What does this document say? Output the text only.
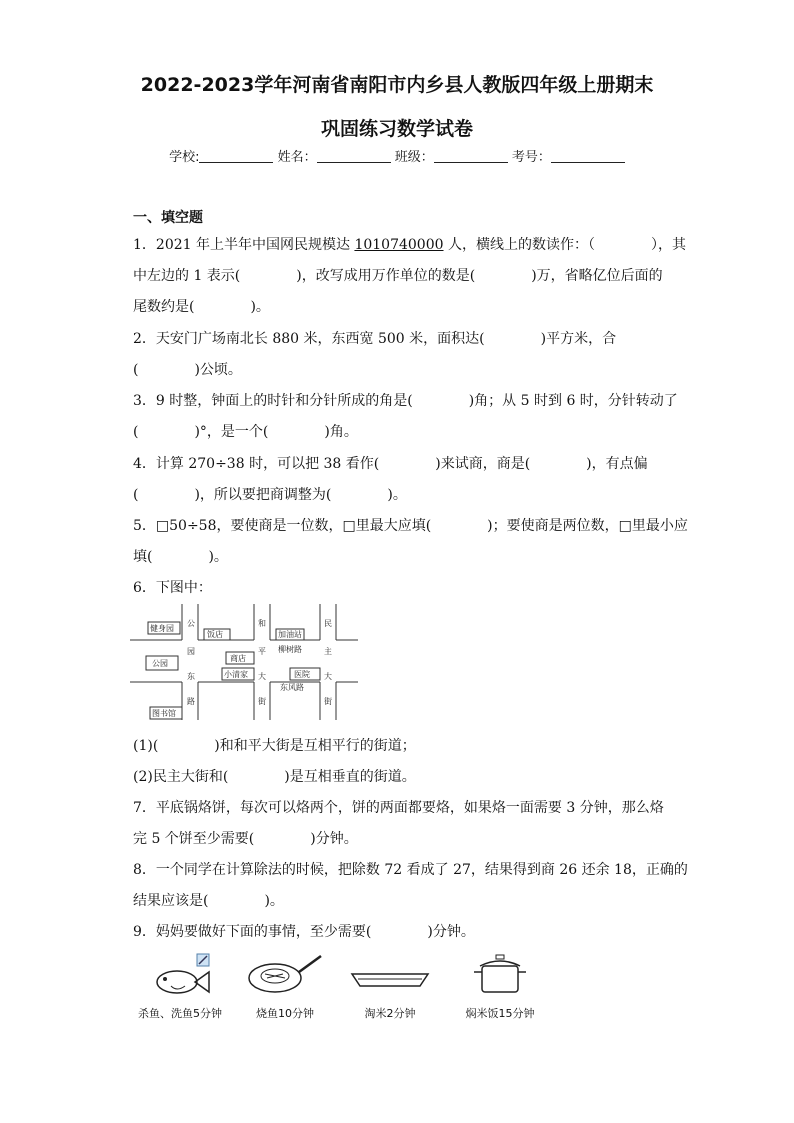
2022-2023学年河南省南阳市内乡县人教版四年级上册期末
巩固练习数学试卷
学校:	姓名：	班级：	考号：
一、填空题
1．2021 年上半年中国网民规模达 1010740000 人，横线上的数读作：（　　　　），其
中左边的 1 表示(　　　　)，改写成用万作单位的数是(　　　　)万，省略亿位后面的
尾数约是(　　　　)。
2．天安门广场南北长 880 米，东西宽 500 米，面积达(　　　　)平方米，合
(　　　　)公顷。
3．9 时整，钟面上的时针和分针所成的角是(　　　　)角；从 5 时到 6 时，分针转动了
(　　　　)°，是一个(　　　　)角。
4．计算 270÷38 时，可以把 38 看作(　　　　)来试商，商是(　　　　)，有点偏
(　　　　)，所以要把商调整为(　　　　)。
5．□50÷58，要使商是一位数，□里最大应填(　　　　)；要使商是两位数，□里最小应
填(　　　　)。
6．下图中：
健身园
饭店	加油站
柳树路
公园
商店
小清家	医院
东风路
图书馆
公
园
东
路
和
平
大
街
民
主
大
街
(1)(　　　　)和和平大街是互相平行的街道；
(2)民主大街和(　　　　)是互相垂直的街道。
7．平底锅烙饼，每次可以烙两个，饼的两面都要烙，如果烙一面需要 3 分钟，那么烙
完 5 个饼至少需要(　　　　)分钟。
8．一个同学在计算除法的时候，把除数 72 看成了 27，结果得到商 26 还余 18，正确的
结果应该是(　　　　)。
9．妈妈要做好下面的事情，至少需要(　　　　)分钟。
杀鱼、洗鱼5分钟	烧鱼10分钟	淘米2分钟	焖米饭15分钟
